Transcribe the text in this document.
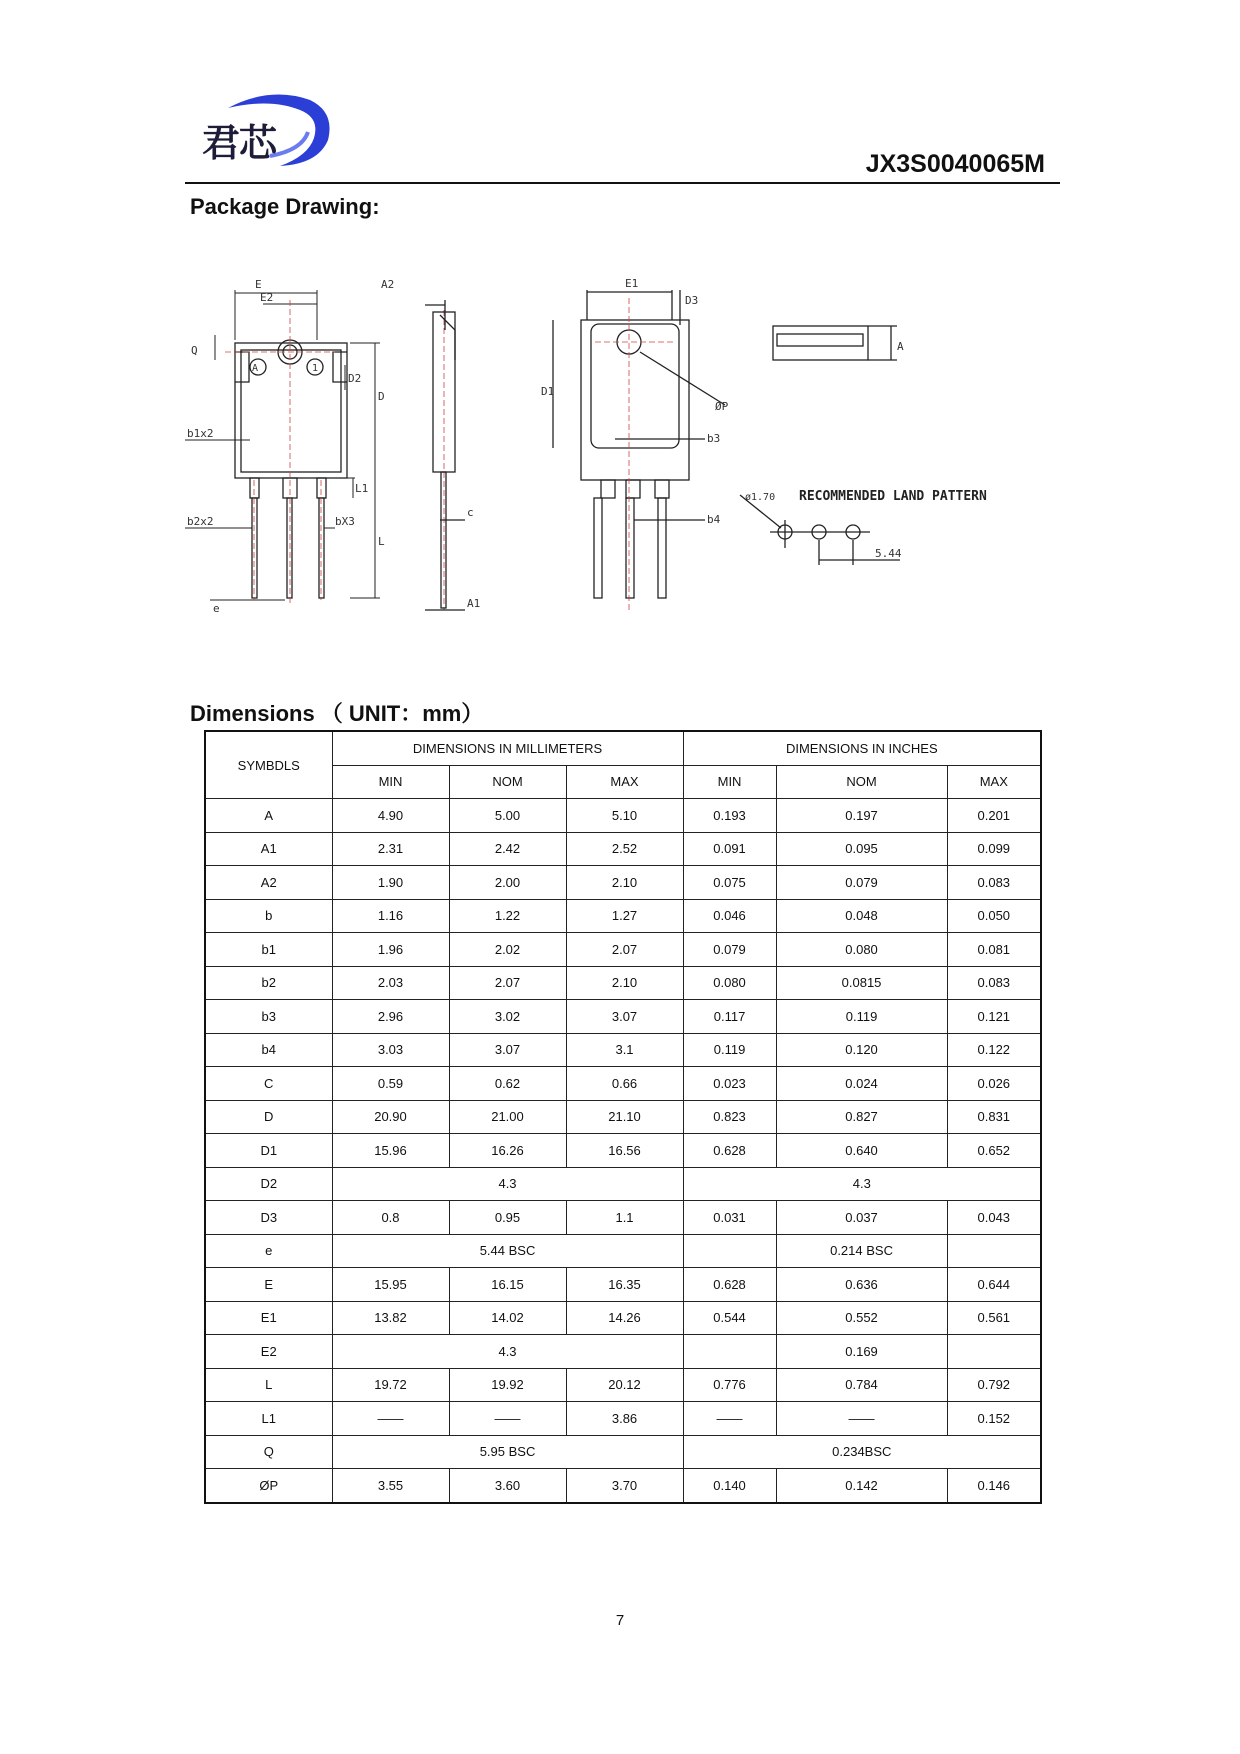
君芯	JX3S0040065M
Package Drawing:
E
E2
A2	E1
D3
Q
D2
D	D1
ØP
A
A	1
b1x2
b2x2	bX3
L1
L
c
A1
e
b3
b4
ø1.70
5.44
RECOMMENDED LAND PATTERN
Dimensions （ UNIT：mm）
SYMBDLS	DIMENSIONS IN MILLIMETERS			DIMENSIONS IN INCHES		
	MIN	NOM	MAX	MIN	NOM	MAX
A	4.90	5.00	5.10	0.193	0.197	0.201
A1	2.31	2.42	2.52	0.091	0.095	0.099
A2	1.90	2.00	2.10	0.075	0.079	0.083
b	1.16	1.22	1.27	0.046	0.048	0.050
b1	1.96	2.02	2.07	0.079	0.080	0.081
b2	2.03	2.07	2.10	0.080	0.0815	0.083
b3	2.96	3.02	3.07	0.117	0.119	0.121
b4	3.03	3.07	3.1	0.119	0.120	0.122
C	0.59	0.62	0.66	0.023	0.024	0.026
D	20.90	21.00	21.10	0.823	0.827	0.831
D1	15.96	16.26	16.56	0.628	0.640	0.652
D2	4.3			4.3		
D3	0.8	0.95	1.1	0.031	0.037	0.043
e	5.44 BSC				0.214 BSC	
E	15.95	16.15	16.35	0.628	0.636	0.644
E1	13.82	14.02	14.26	0.544	0.552	0.561
E2	4.3				0.169	
L	19.72	19.92	20.12	0.776	0.784	0.792
L1	——	——	3.86	——	——	0.152
Q	5.95 BSC			0.234BSC		
ØP	3.55	3.60	3.70	0.140	0.142	0.146
7
